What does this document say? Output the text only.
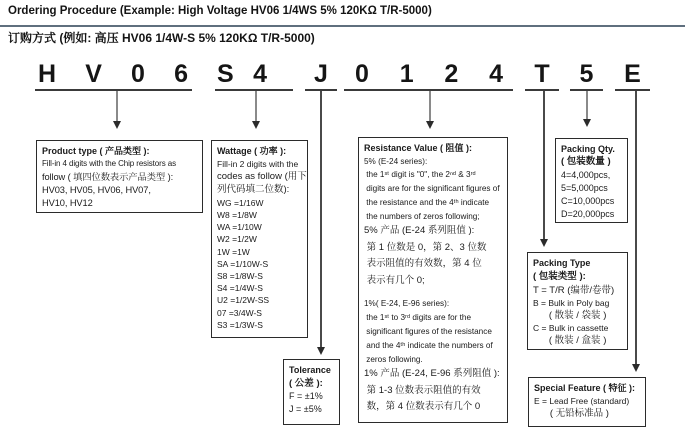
Ordering Procedure (Example: High Voltage HV06 1/4WS 5% 120KΩ T/R-5000)
订购方式 (例如: 高压 HV06 1/4W-S 5% 120KΩ T/R-5000)
H V 0 6 S 4	J	0 1 2 4	T	5	E
Product type ( 产品类型 ):
Fill-in 4 digits with the Chip resistors as
follow ( 填四位数表示产品类型 ):
HV03, HV05, HV06, HV07,
HV10, HV12
Wattage ( 功率 ):
Fill-in 2 digits with the
codes as follow (用下
列代码填二位数):
WG =1/16W
W8 =1/8W
WA =1/10W
W2 =1/2W
1W =1W
SA =1/10W-S
S8 =1/8W-S
S4 =1/4W-S
U2 =1/2W-SS
07 =3/4W-S
S3 =1/3W-S
Resistance Value ( 阻值 ):
5% (E-24 series):
the 1ˢᵗ digit is "0", the 2ⁿᵈ & 3ʳᵈ
digits are for the significant figures of
the resistance and the 4ᵗʰ indicate
the numbers of zeros following;
5% 产品 (E-24 系列阻值 ):
第 1 位数是 0，第 2、3 位数
表示阻值的有效数，第 4 位
表示有几个 0;
1%( E-24, E-96 series):
the 1ˢᵗ to 3ʳᵈ digits are for the
significant figures of the resistance
and the 4ᵗʰ indicate the numbers of
zeros following.
1% 产品 (E-24, E-96 系列阻值 ):
第 1-3 位数表示阻值的有效
数，第 4 位数表示有几个 0
Packing Qty.
( 包装数量 )
4=4,000pcs,
5=5,000pcs
C=10,000pcs
D=20,000pcs
Packing Type
( 包装类型 ):
T = T/R (编带/卷带)
B = Bulk in Poly bag
( 散装 / 袋装 )
C = Bulk in cassette
( 散装 / 盒装 )
Tolerance
( 公差 ):
F = ±1%
J = ±5%
Special Feature ( 特征 ):
E = Lead Free (standard)
( 无铅标准品 )
